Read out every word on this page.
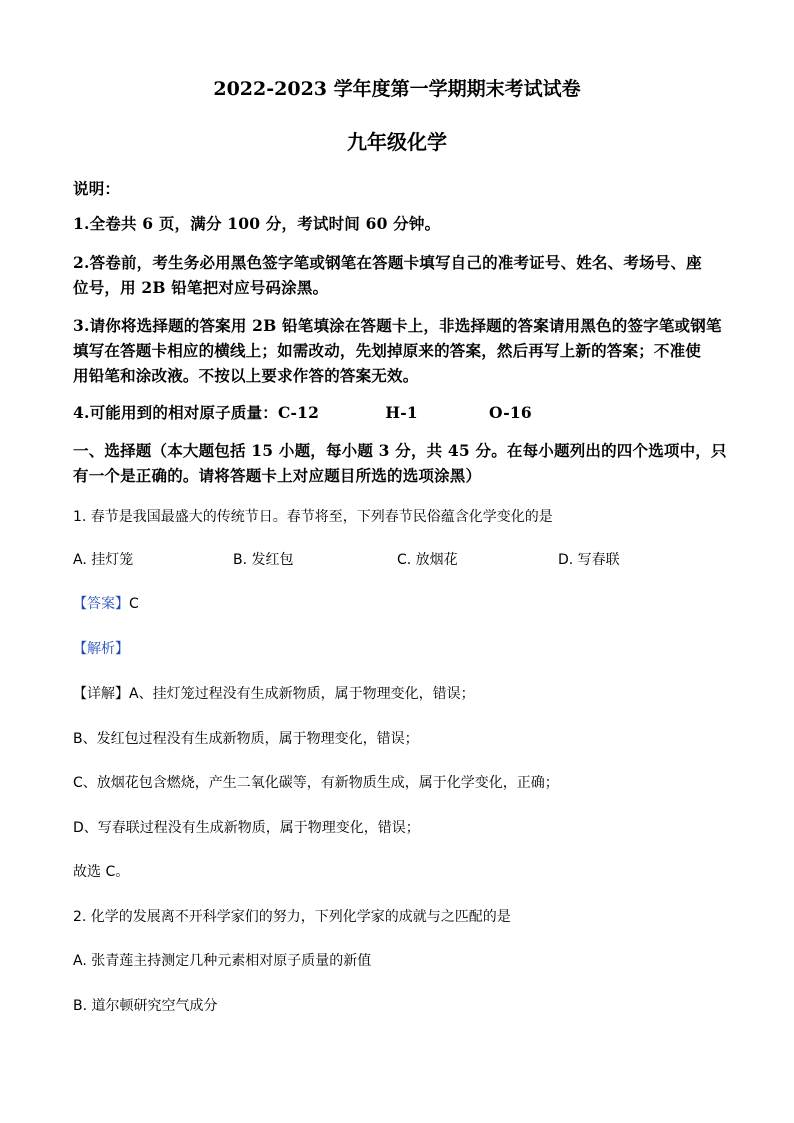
2022-2023 学年度第一学期期末考试试卷
九年级化学
说明：
1.全卷共 6 页，满分 100 分，考试时间 60 分钟。
2.答卷前，考生务必用黑色签字笔或钢笔在答题卡填写自己的准考证号、姓名、考场号、座
位号，用 2B 铅笔把对应号码涂黑。
3.请你将选择题的答案用 2B 铅笔填涂在答题卡上，非选择题的答案请用黑色的签字笔或钢笔
填写在答题卡相应的横线上；如需改动，先划掉原来的答案，然后再写上新的答案；不准使
用铅笔和涂改液。不按以上要求作答的答案无效。
4.可能用到的相对原子质量：C-12	H-1	O-16
一、选择题（本大题包括 15 小题，每小题 3 分，共 45 分。在每小题列出的四个选项中，只
有一个是正确的。请将答题卡上对应题目所选的选项涂黑）
1. 春节是我国最盛大的传统节日。春节将至，下列春节民俗蕴含化学变化的是
A. 挂灯笼	B. 发红包	C. 放烟花	D. 写春联
【答案】C
【解析】
【详解】A、挂灯笼过程没有生成新物质，属于物理变化，错误；
B、发红包过程没有生成新物质，属于物理变化，错误；
C、放烟花包含燃烧，产生二氧化碳等，有新物质生成，属于化学变化，正确；
D、写春联过程没有生成新物质，属于物理变化，错误；
故选 C。
2. 化学的发展离不开科学家们的努力，下列化学家的成就与之匹配的是
A. 张青莲主持测定几种元素相对原子质量的新值
B. 道尔顿研究空气成分
